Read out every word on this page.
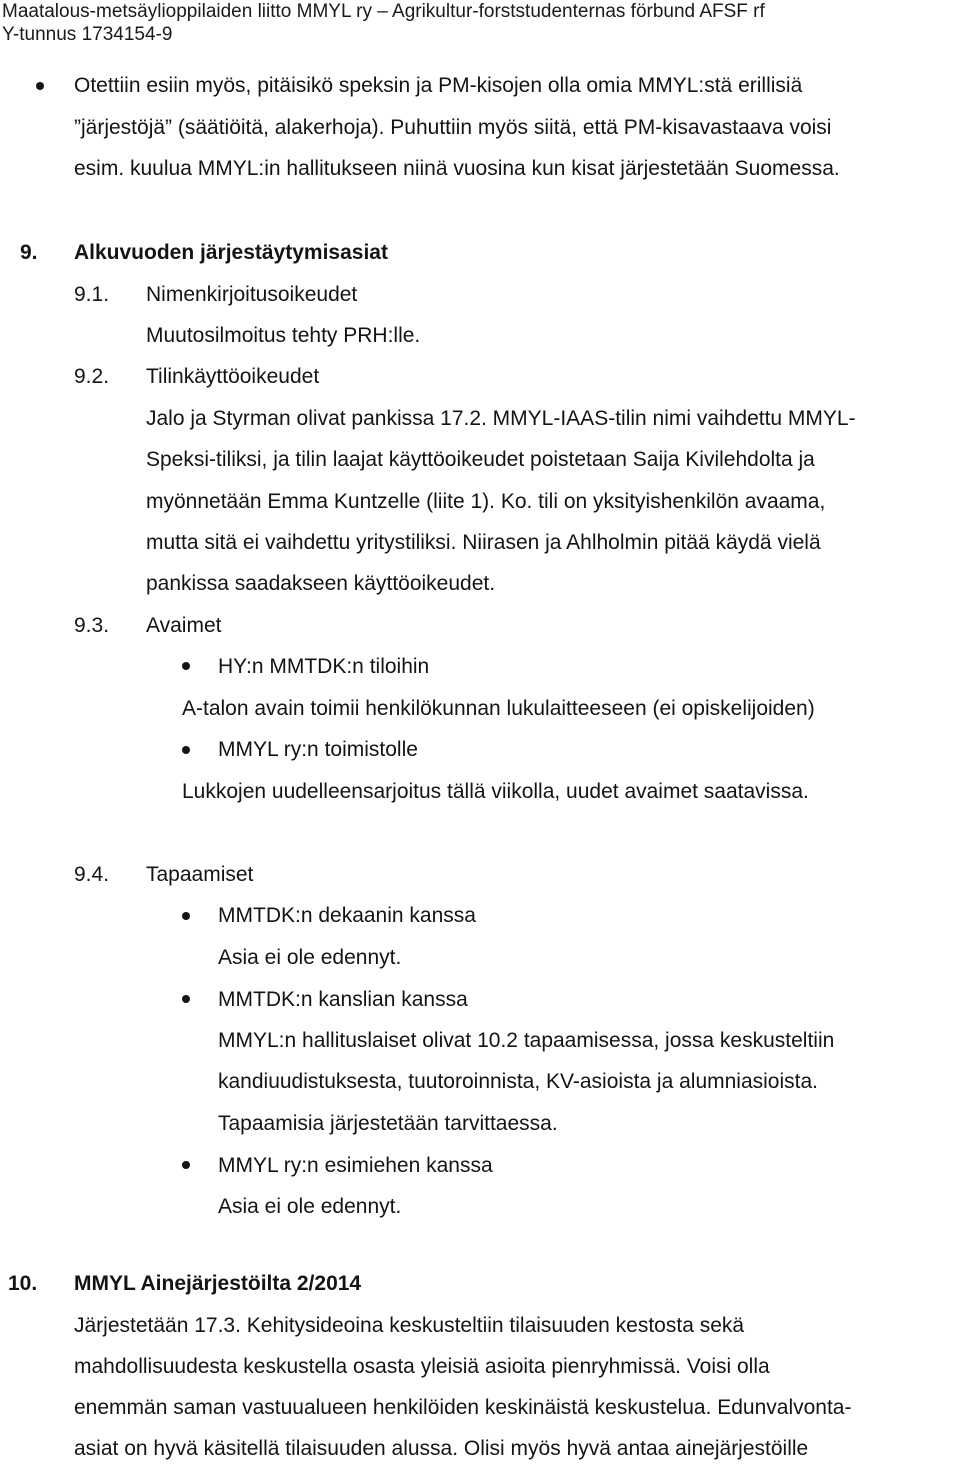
Maatalous-metsäylioppilaiden liitto MMYL ry – Agrikultur-forststudenternas förbund AFSF rf
Y-tunnus 1734154-9
Otettiin esiin myös, pitäisikö speksin ja PM-kisojen olla omia MMYL:stä erillisiä
”järjestöjä” (säätiöitä, alakerhoja). Puhuttiin myös siitä, että PM-kisavastaava voisi
esim. kuulua MMYL:in hallitukseen niinä vuosina kun kisat järjestetään Suomessa.
9. Alkuvuoden järjestäytymisasiat
9.1. Nimenkirjoitusoikeudet
Muutosilmoitus tehty PRH:lle.
9.2. Tilinkäyttöoikeudet
Jalo ja Styrman olivat pankissa 17.2. MMYL-IAAS-tilin nimi vaihdettu MMYL-
Speksi-tiliksi, ja tilin laajat käyttöoikeudet poistetaan Saija Kivilehdolta ja
myönnetään Emma Kuntzelle (liite 1). Ko. tili on yksityishenkilön avaama,
mutta sitä ei vaihdettu yritystiliksi. Niirasen ja Ahlholmin pitää käydä vielä
pankissa saadakseen käyttöoikeudet.
9.3. Avaimet
HY:n MMTDK:n tiloihin
A-talon avain toimii henkilökunnan lukulaitteeseen (ei opiskelijoiden)
MMYL ry:n toimistolle
Lukkojen uudelleensarjoitus tällä viikolla, uudet avaimet saatavissa.
9.4. Tapaamiset
MMTDK:n dekaanin kanssa
Asia ei ole edennyt.
MMTDK:n kanslian kanssa
MMYL:n hallituslaiset olivat 10.2 tapaamisessa, jossa keskusteltiin
kandiuudistuksesta, tuutoroinnista, KV-asioista ja alumniasioista.
Tapaamisia järjestetään tarvittaessa.
MMYL ry:n esimiehen kanssa
Asia ei ole edennyt.
10. MMYL Ainejärjestöilta 2/2014
Järjestetään 17.3. Kehitysideoina keskusteltiin tilaisuuden kestosta sekä
mahdollisuudesta keskustella osasta yleisiä asioita pienryhmissä. Voisi olla
enemmän saman vastuualueen henkilöiden keskinäistä keskustelua. Edunvalvonta-
asiat on hyvä käsitellä tilaisuuden alussa. Olisi myös hyvä antaa ainejärjestöille
